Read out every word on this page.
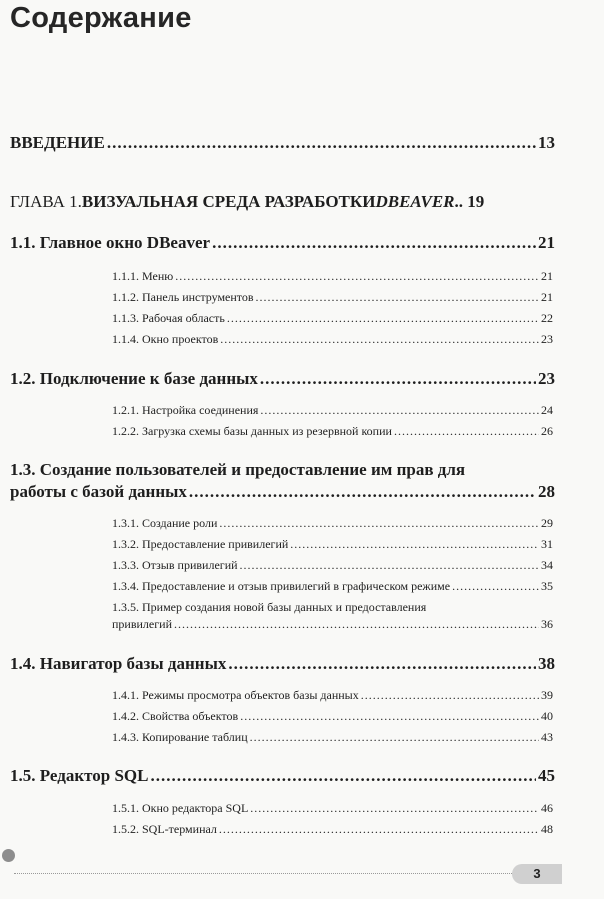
Содержание
ВВЕДЕНИЕ .....	13
ГЛАВА 1. ВИЗУАЛЬНАЯ СРЕДА РАЗРАБОТКИ DBEAVER .. 19
1.1. Главное окно DBeaver .....	21
1.1.1. Меню .....	21
1.1.2. Панель инструментов .....	21
1.1.3. Рабочая область .....	22
1.1.4. Окно проектов .....	23
1.2. Подключение к базе данных .....	23
1.2.1. Настройка соединения .....	24
1.2.2. Загрузка схемы базы данных из резервной копии .....	26
1.3. Создание пользователей и предоставление им прав для
работы с базой данных .....	28
1.3.1. Создание роли .....	29
1.3.2. Предоставление привилегий .....	31
1.3.3. Отзыв привилегий .....	34
1.3.4. Предоставление и отзыв привилегий в графическом режиме .....	35
1.3.5. Пример создания новой базы данных и предоставления
привилегий .....	36
1.4. Навигатор базы данных .....	38
1.4.1. Режимы просмотра объектов базы данных .....	39
1.4.2. Свойства объектов .....	40
1.4.3. Копирование таблиц .....	43
1.5. Редактор SQL .....	45
1.5.1. Окно редактора SQL .....	46
1.5.2. SQL-терминал .....	48
3
